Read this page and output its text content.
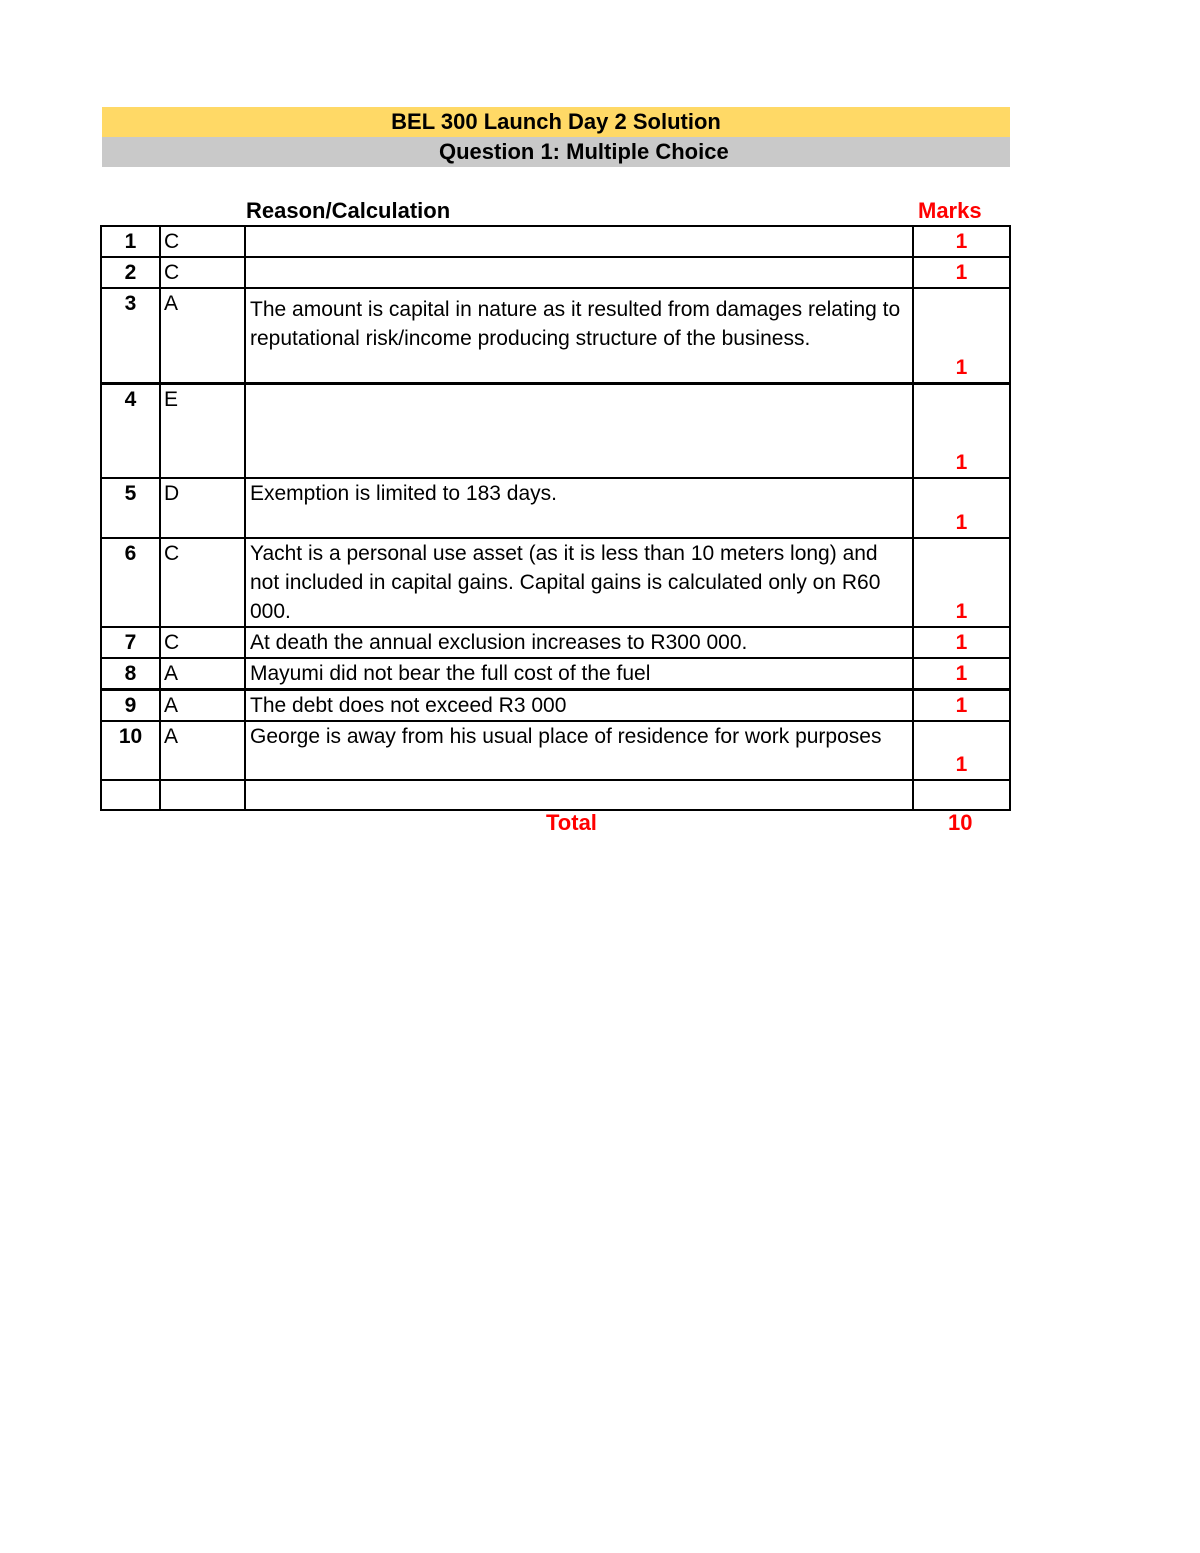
BEL 300 Launch Day 2 Solution
Question 1: Multiple Choice
Reason/Calculation	Marks
1	C		1
2	C		1
3	A	The amount is capital in nature as it resulted from damages relating to reputational risk/income producing structure of the business.	1
4	E		1
5	D	Exemption is limited to 183 days.	1
6	C	Yacht is a personal use asset (as it is less than 10 meters long) and not included in capital gains. Capital gains is calculated only on R60 000.	1
7	C	At death the annual exclusion increases to R300 000.	1
8	A	Mayumi did not bear the full cost of the fuel	1
9	A	The debt does not exceed R3 000	1
10	A	George is away from his usual place of residence for work purposes	1

Total	10
